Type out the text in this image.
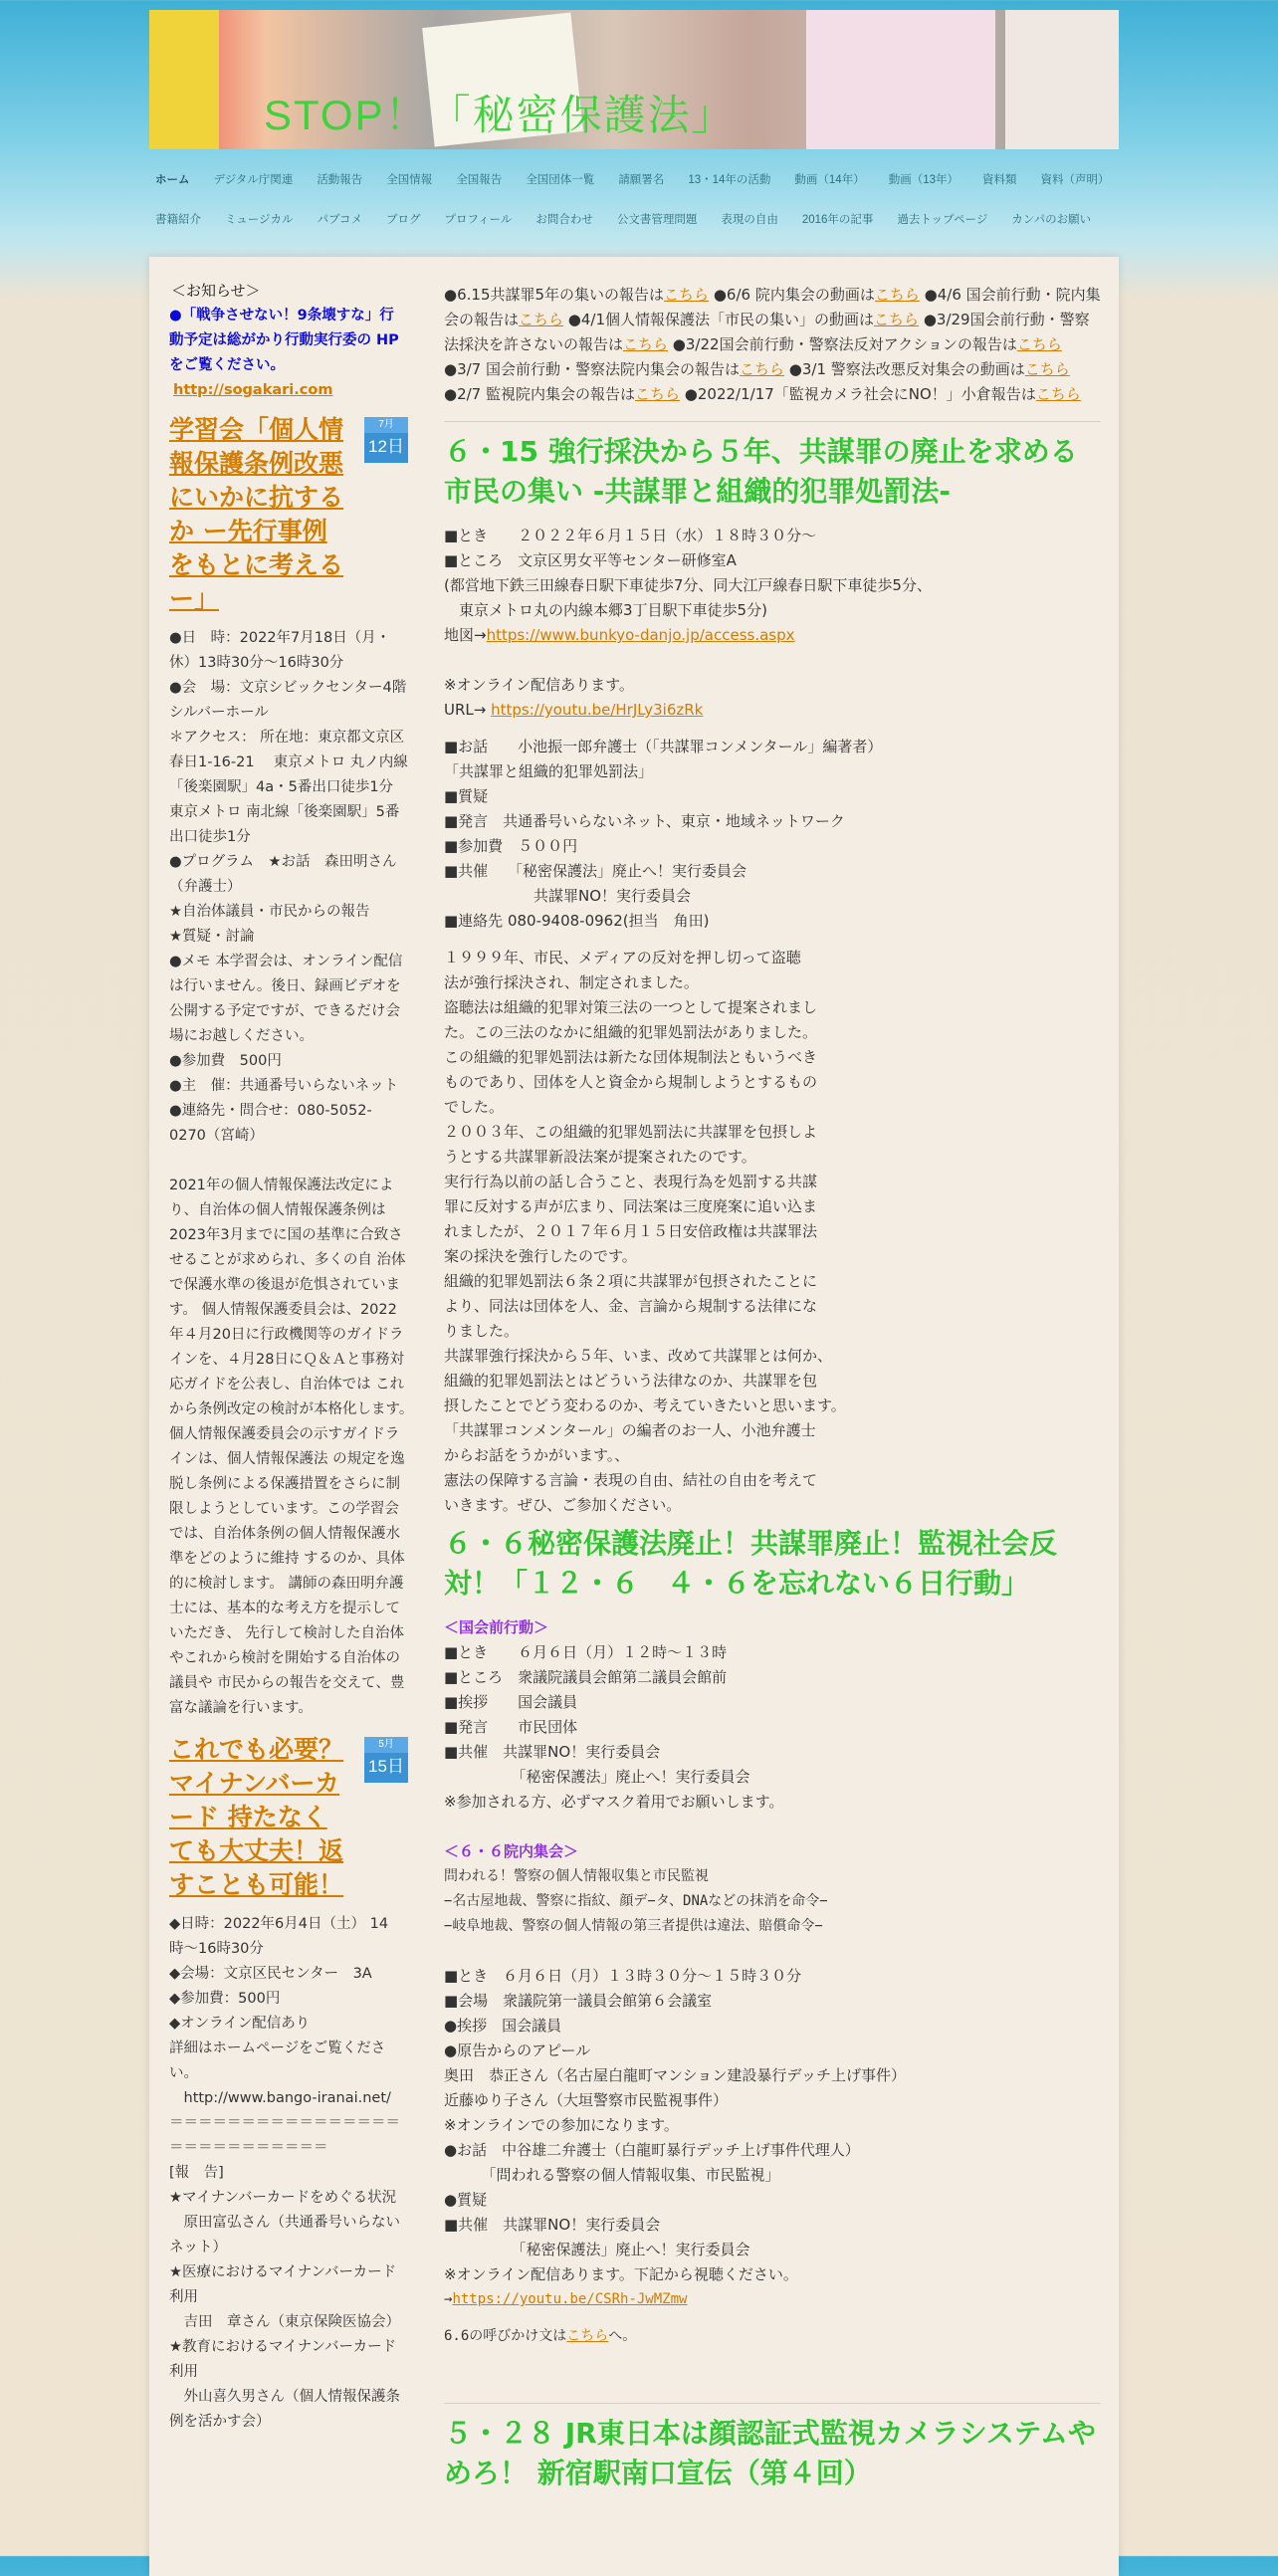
STOP！「秘密保護法」
ホーム デジタル庁関連 活動報告 全国情報 全国報告 全国団体一覧 請願署名 13・14年の活動 動画（14年） 動画（13年） 資料類 資料（声明）
書籍紹介 ミュージカル パブコメ ブログ プロフィール お問合わせ 公文書管理問題 表現の自由 2016年の記事 過去トップページ カンパのお願い
＜お知らせ＞
●「戦争させない！9条壊すな」行動予定は総がかり行動実行委の HPをご覧ください。
http://sogakari.com
学習会「個人情報保護条例改悪にいかに抗するか ー先行事例をもとに考えるー」
7月
12日
●日　時：2022年7月18日（月・休）13時30分〜16時30分
●会　場：文京シビックセンター4階 シルバーホール
＊アクセス： 所在地：東京都文京区春日1-16-21　 東京メトロ 丸ノ内線「後楽園駅」4a・5番出口徒歩1分 東京メトロ 南北線「後楽園駅」5番出口徒歩1分
●プログラム　★お話　森田明さん（弁護士）
★自治体議員・市民からの報告
★質疑・討論
●メモ 本学習会は、オンライン配信は行いません。後日、録画ビデオを公開する予定ですが、できるだけ会場にお越しください。
●参加費　500円
●主　催：共通番号いらないネット
●連絡先・問合せ：080-5052-0270（宮崎）

2021年の個人情報保護法改定により、自治体の個人情報保護条例は 2023年3月までに国の基準に合致させることが求められ、多くの自 治体で保護水準の後退が危惧されています。 個人情報保護委員会は、2022年４月20日に行政機関等のガイドラインを、４月28日にＱ＆Ａと事務対応ガイドを公表し、自治体では これから条例改定の検討が本格化します。　個人情報保護委員会の示すガイドラインは、個人情報保護法 の規定を逸脱し条例による保護措置をさらに制限しようとしています。この学習会では、自治体条例の個人情報保護水準をどのように維持 するのか、具体的に検討します。 講師の森田明弁護士には、基本的な考え方を提示していただき、 先行して検討した自治体やこれから検討を開始する自治体の議員や 市民からの報告を交えて、豊富な議論を行います。

これでも必要？マイナンバーカード 持たなくても大丈夫！返すことも可能！
5月
15日
◆日時：2022年6月4日（土） 14時〜16時30分
◆会場：文京区民センター　3A
◆参加費：500円
◆オンライン配信あり
詳細はホームページをご覧ください。
　http://www.bango-iranai.net/
＝＝＝＝＝＝＝＝＝＝＝＝＝＝＝＝＝＝＝＝＝＝＝＝＝＝＝
[報　告]
★マイナンバーカードをめぐる状況
　原田富弘さん（共通番号いらないネット）
★医療におけるマイナンバーカード利用
　吉田　章さん（東京保険医協会）
★教育におけるマイナンバーカード利用
　外山喜久男さん（個人情報保護条例を活かす会）
●6.15共謀罪5年の集いの報告はこちら ●6/6 院内集会の動画はこちら ●4/6 国会前行動・院内集会の報告はこちら ●4/1個人情報保護法「市民の集い」の動画はこちら ●3/29国会前行動・警察法採決を許さないの報告はこちら ●3/22国会前行動・警察法反対アクションの報告はこちら ●3/7 国会前行動・警察法院内集会の報告はこちら ●3/1 警察法改悪反対集会の動画はこちら ●2/7 監視院内集会の報告はこちら ●2022/1/17「監視カメラ社会にNO！」小倉報告はこちら
６・15 強行採決から５年、共謀罪の廃止を求める市民の集い -共謀罪と組織的犯罪処罰法-
■とき　　２０２２年６月１５日（水）１８時３０分～
■ところ　文京区男女平等センター研修室A
(都営地下鉄三田線春日駅下車徒歩7分、同大江戸線春日駅下車徒歩5分、
　東京メトロ丸の内線本郷3丁目駅下車徒歩5分)
地図→https://www.bunkyo-danjo.jp/access.aspx
※オンライン配信あります。
URL→ https://youtu.be/HrJLy3i6zRk
■お話　　小池振一郎弁護士（「共謀罪コンメンタール」編著者）
「共謀罪と組織的犯罪処罰法」
■質疑
■発言　共通番号いらないネット、東京・地域ネットワーク
■参加費　５００円
■共催　 「秘密保護法」廃止へ！実行委員会
　　　　　　共謀罪NO！実行委員会
■連絡先 080-9408-0962(担当　角田)
１９９９年、市民、メディアの反対を押し切って盗聴
法が強行採決され、制定されました。
盗聴法は組織的犯罪対策三法の一つとして提案されまし
た。この三法のなかに組織的犯罪処罰法がありました。
この組織的犯罪処罰法は新たな団体規制法ともいうべき
ものであり、団体を人と資金から規制しようとするもの
でした。
２００３年、この組織的犯罪処罰法に共謀罪を包摂しよ
うとする共謀罪新設法案が提案されたのです。
実行行為以前の話し合うこと、表現行為を処罰する共謀
罪に反対する声が広まり、同法案は三度廃案に追い込ま
れましたが、２０１７年６月１５日安倍政権は共謀罪法
案の採決を強行したのです。
組織的犯罪処罰法６条２項に共謀罪が包摂されたことに
より、同法は団体を人、金、言論から規制する法律にな
りました。
共謀罪強行採決から５年、いま、改めて共謀罪とは何か、
組織的犯罪処罰法とはどういう法律なのか、共謀罪を包
摂したことでどう変わるのか、考えていきたいと思います。
「共謀罪コンメンタール」の編者のお一人、小池弁護士
からお話をうかがいます。、
憲法の保障する言論・表現の自由、結社の自由を考えて
いきます。ぜひ、ご参加ください。
６・６秘密保護法廃止！共謀罪廃止！監視社会反対！「１２・６　４・６を忘れない６日行動」
＜国会前行動＞
■とき　　６月６日（月）１２時〜１３時
■ところ　衆議院議員会館第二議員会館前
■挨拶　　国会議員
■発言　　市民団体
■共催　共謀罪NO！実行委員会
　　　　　「秘密保護法」廃止へ！実行委員会
※参加される方、必ずマスク着用でお願いします。
＜６・６院内集会＞
問われる！警察の個人情報収集と市民監視
−名古屋地裁、警察に指紋、顔デ−タ、DNAなどの抹消を命令−
−岐阜地裁、警察の個人情報の第三者提供は違法、賠償命令−
■とき　６月６日（月）１３時３０分〜１５時３０分
■会場　衆議院第一議員会館第６会議室
●挨拶　国会議員
●原告からのアピール
奥田　恭正さん（名古屋白龍町マンション建設暴行デッチ上げ事件）
近藤ゆり子さん（大垣警察市民監視事件）
※オンラインでの参加になります。
●お話　中谷雄二弁護士（白龍町暴行デッチ上げ事件代理人）
　　　「問われる警察の個人情報収集、市民監視」
●質疑
■共催　共謀罪NO！実行委員会
　　　　　「秘密保護法」廃止へ！実行委員会
※オンライン配信あります。下記から視聴ください。
→https://youtu.be/CSRh-JwMZmw
6.6の呼びかけ文はこちらへ。
５・２８ JR東日本は顔認証式監視カメラシステムやめろ！ 新宿駅南口宣伝（第４回）
